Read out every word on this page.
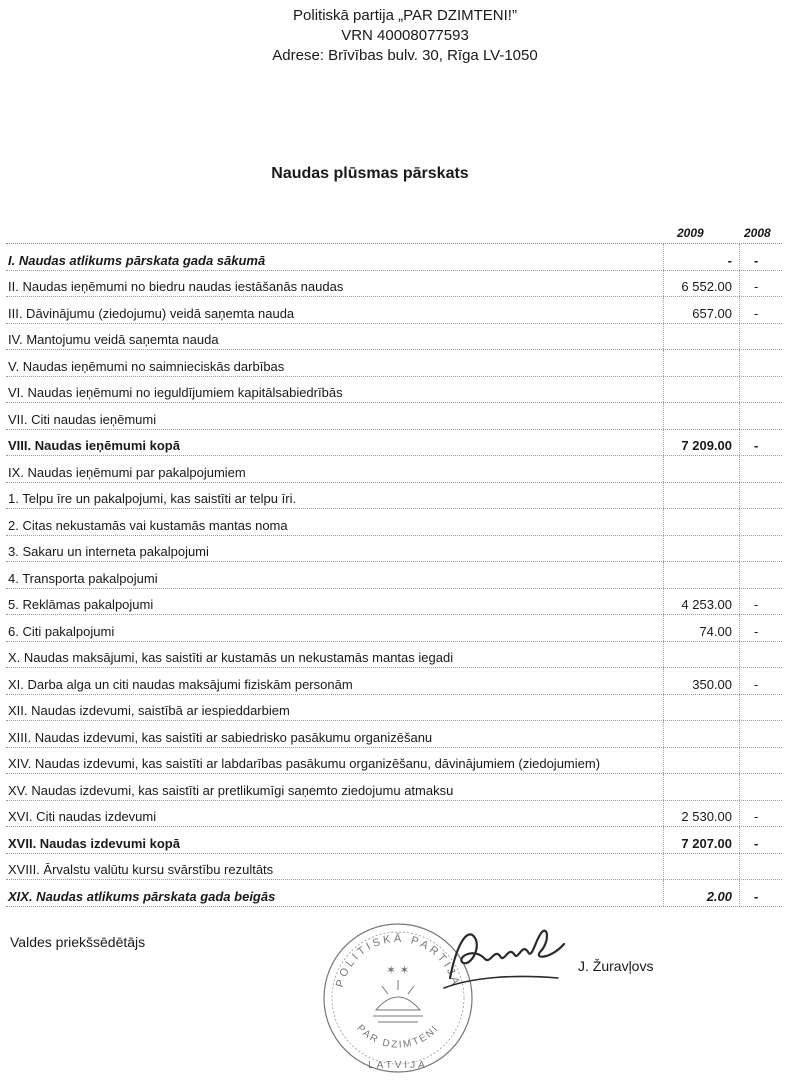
Politiskā partija „PAR DZIMTENI!”
VRN 40008077593
Adrese: Brīvības bulv. 30, Rīga LV-1050
Naudas plūsmas pārskats
2009	2008
I. Naudas atlikums pārskata gada sākumā	- -
II. Naudas ieņēmumi no biedru naudas iestāšanās naudas	6 552.00 -
III. Dāvinājumu (ziedojumu) veidā saņemta nauda	657.00 -
IV. Mantojumu veidā saņemta nauda
V. Naudas ieņēmumi no saimnieciskās darbības
VI. Naudas ieņēmumi no ieguldījumiem kapitālsabiedrībās
VII. Citi naudas ieņēmumi
VIII. Naudas ieņēmumi kopā	7 209.00 -
IX. Naudas ieņēmumi par pakalpojumiem
1. Telpu īre un pakalpojumi, kas saistīti ar telpu īri.
2. Citas nekustamās vai kustamās mantas noma
3. Sakaru un interneta pakalpojumi
4. Transporta pakalpojumi
5. Reklāmas pakalpojumi	4 253.00 -
6. Citi pakalpojumi	74.00 -
X. Naudas maksājumi, kas saistīti ar kustamās un nekustamās mantas iegadi
XI. Darba alga un citi naudas maksājumi fiziskām personām	350.00 -
XII. Naudas izdevumi, saistībā ar iespieddarbiem
XIII. Naudas izdevumi, kas saistīti ar sabiedrisko pasākumu organizēšanu
XIV. Naudas izdevumi, kas saistīti ar labdarības pasākumu organizēšanu, dāvinājumiem (ziedojumiem)
XV. Naudas izdevumi, kas saistīti ar pretlikumīgi saņemto ziedojumu atmaksu
XVI. Citi naudas izdevumi	2 530.00 -
XVII. Naudas izdevumi kopā	7 207.00 -
XVIII. Ārvalstu valūtu kursu svārstību rezultāts
XIX. Naudas atlikums pārskata gada beigās	2.00 -
Valdes priekšsēdētājs
POLITISKĀ PARTIJA
PAR DZIMTENI
LATVIJA
✶ ✶	J. Žuravļovs
